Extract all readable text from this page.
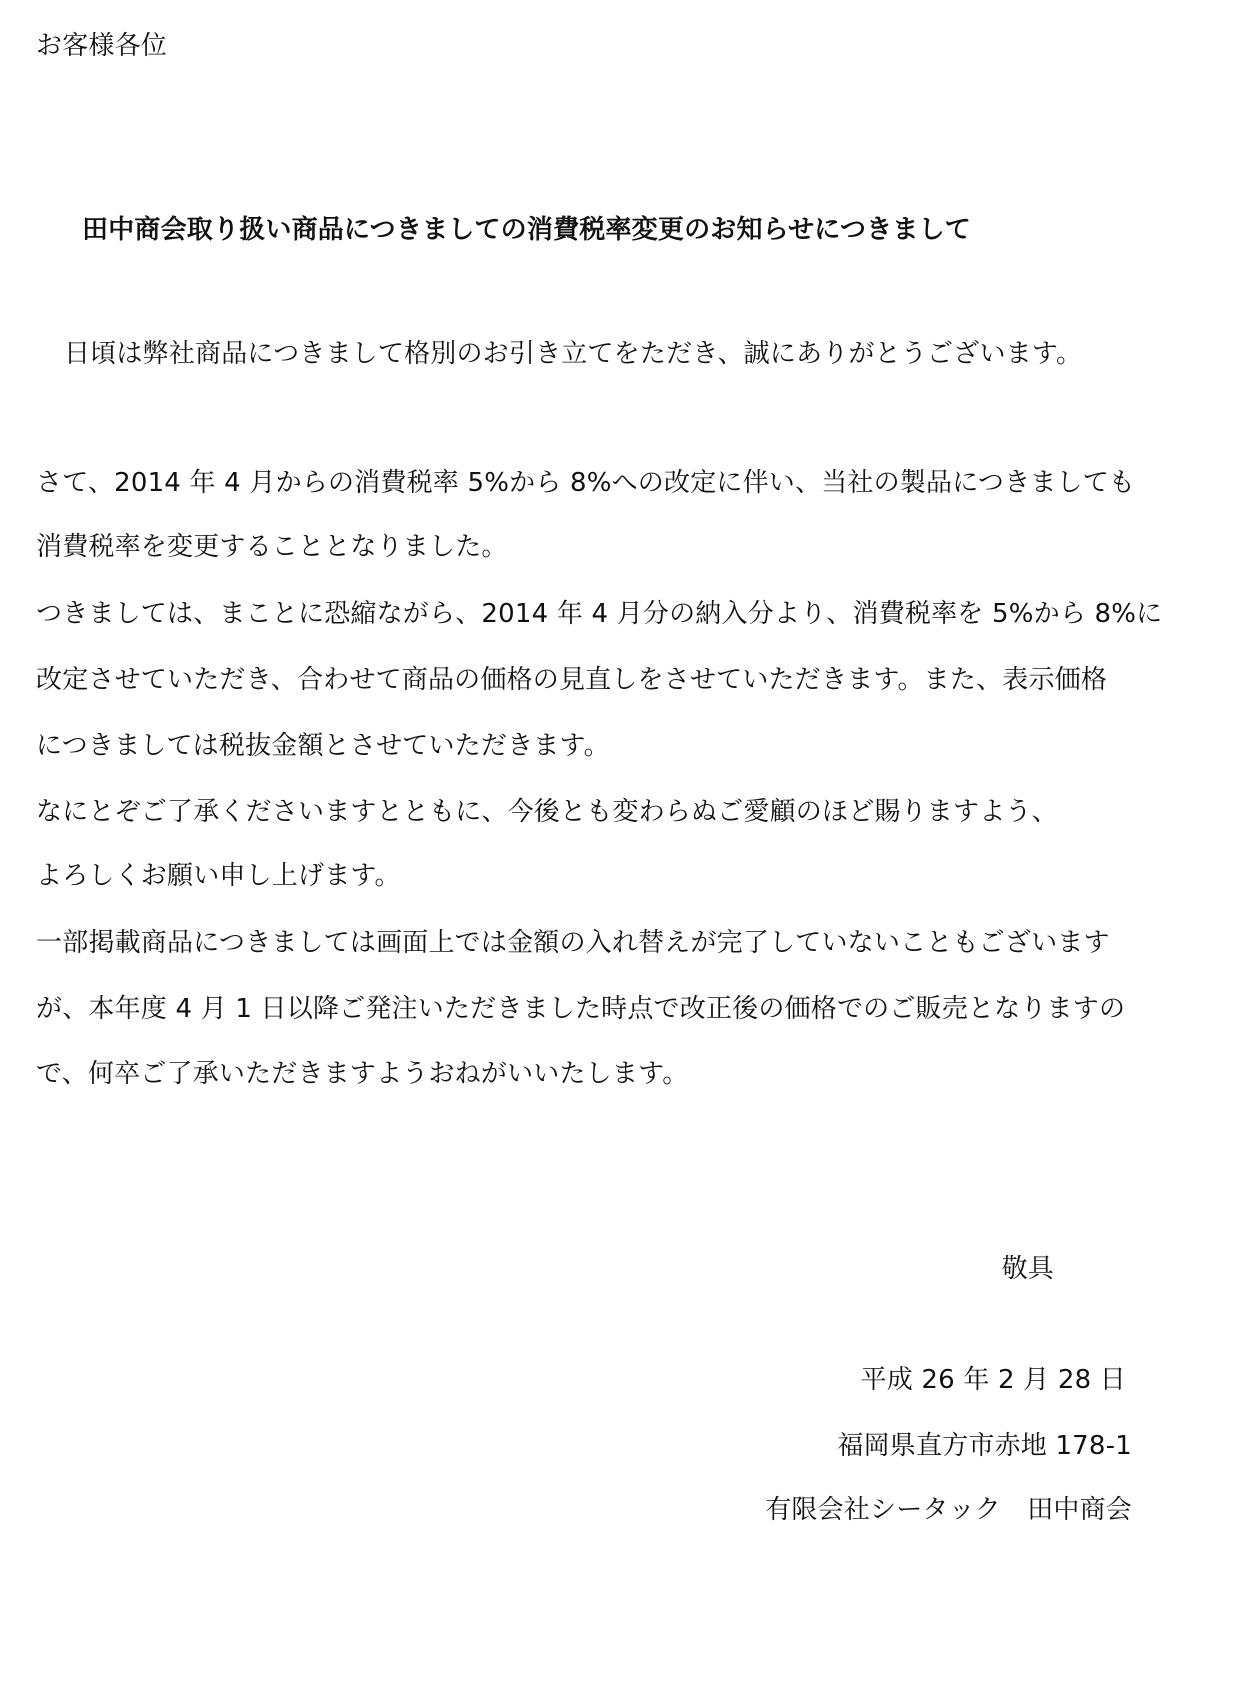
お客様各位
田中商会取り扱い商品につきましての消費税率変更のお知らせにつきまして
日頃は弊社商品につきまして格別のお引き立てをただき、誠にありがとうございます。
さて、2014 年 4 月からの消費税率 5%から 8%への改定に伴い、当社の製品につきましても
消費税率を変更することとなりました。
つきましては、まことに恐縮ながら、2014 年 4 月分の納入分より、消費税率を 5%から 8%に
改定させていただき、合わせて商品の価格の見直しをさせていただきます。また、表示価格
につきましては税抜金額とさせていただきます。
なにとぞご了承くださいますとともに、今後とも変わらぬご愛顧のほど賜りますよう、
よろしくお願い申し上げます。
一部掲載商品につきましては画面上では金額の入れ替えが完了していないこともございます
が、本年度 4 月 1 日以降ご発注いただきました時点で改正後の価格でのご販売となりますの
で、何卒ご了承いただきますようおねがいいたします。
敬具
平成 26 年 2 月 28 日
福岡県直方市赤地 178-1
有限会社シータック　田中商会
